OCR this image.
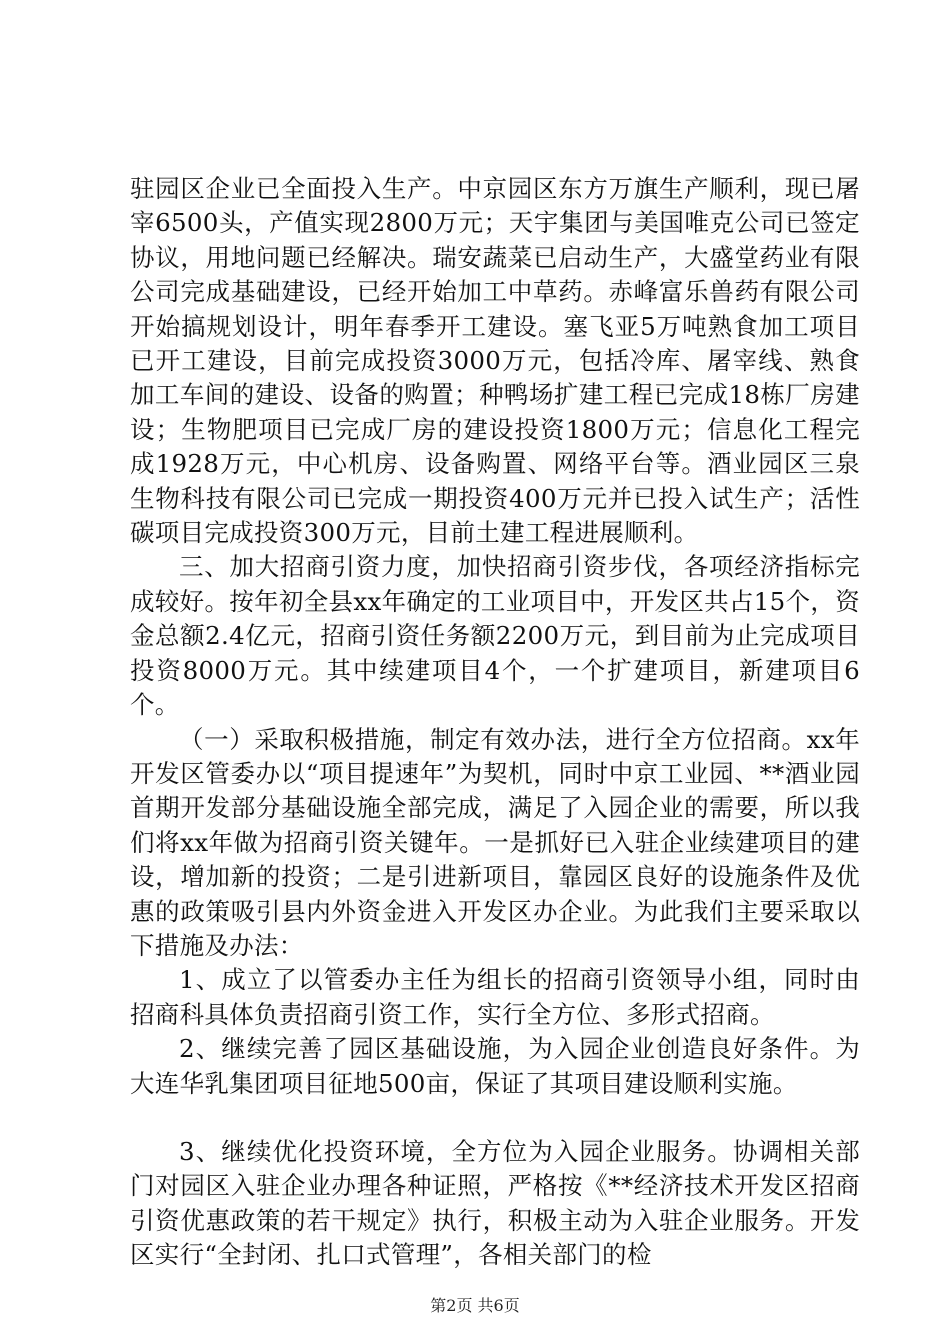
驻园区企业已全面投入生产。中京园区东方万旗生产顺利，现已屠宰6500头，产值实现2800万元；天宇集团与美国唯克公司已签定协议，用地问题已经解决。瑞安蔬菜已启动生产，大盛堂药业有限公司完成基础建设，已经开始加工中草药。赤峰富乐兽药有限公司开始搞规划设计，明年春季开工建设。塞飞亚5万吨熟食加工项目已开工建设，目前完成投资3000万元，包括冷库、屠宰线、熟食加工车间的建设、设备的购置；种鸭场扩建工程已完成18栋厂房建设；生物肥项目已完成厂房的建设投资1800万元；信息化工程完成1928万元，中心机房、设备购置、网络平台等。酒业园区三泉生物科技有限公司已完成一期投资400万元并已投入试生产；活性碳项目完成投资300万元，目前土建工程进展顺利。

三、加大招商引资力度，加快招商引资步伐，各项经济指标完成较好。按年初全县xx年确定的工业项目中，开发区共占15个，资金总额2.4亿元，招商引资任务额2200万元，到目前为止完成项目投资8000万元。其中续建项目4个，一个扩建项目，新建项目6个。

（一）采取积极措施，制定有效办法，进行全方位招商。xx年开发区管委办以“项目提速年”为契机，同时中京工业园、**酒业园首期开发部分基础设施全部完成，满足了入园企业的需要，所以我们将xx年做为招商引资关键年。一是抓好已入驻企业续建项目的建设，增加新的投资；二是引进新项目，靠园区良好的设施条件及优惠的政策吸引县内外资金进入开发区办企业。为此我们主要采取以下措施及办法：

1、成立了以管委办主任为组长的招商引资领导小组，同时由招商科具体负责招商引资工作，实行全方位、多形式招商。

2、继续完善了园区基础设施，为入园企业创造良好条件。为大连华乳集团项目征地500亩，保证了其项目建设顺利实施。

3、继续优化投资环境，全方位为入园企业服务。协调相关部门对园区入驻企业办理各种证照，严格按《**经济技术开发区招商引资优惠政策的若干规定》执行，积极主动为入驻企业服务。开发区实行“全封闭、扎口式管理”，各相关部门的检

第2页 共6页
